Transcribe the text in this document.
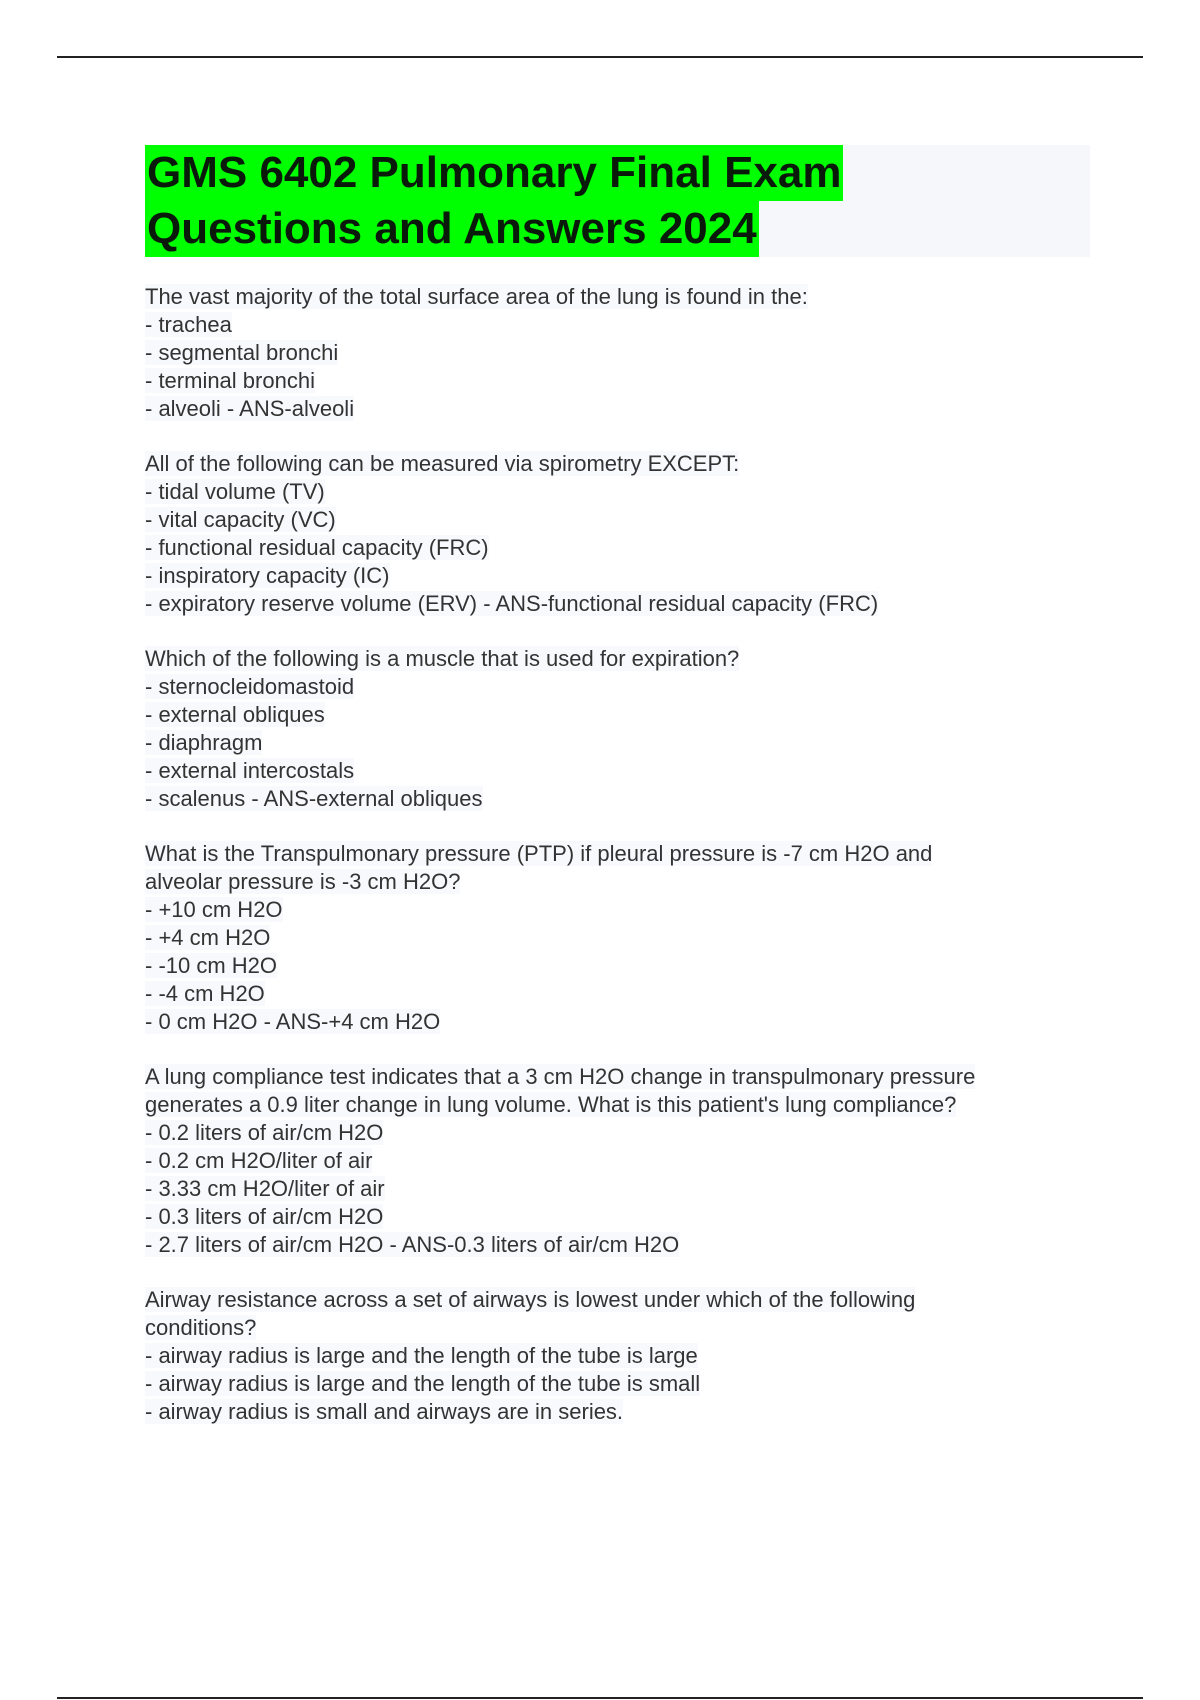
GMS 6402 Pulmonary Final Exam
Questions and Answers 2024
The vast majority of the total surface area of the lung is found in the:
- trachea
- segmental bronchi
- terminal bronchi
- alveoli - ANS-alveoli
All of the following can be measured via spirometry EXCEPT:
- tidal volume (TV)
- vital capacity (VC)
- functional residual capacity (FRC)
- inspiratory capacity (IC)
- expiratory reserve volume (ERV) - ANS-functional residual capacity (FRC)
Which of the following is a muscle that is used for expiration?
- sternocleidomastoid
- external obliques
- diaphragm
- external intercostals
- scalenus - ANS-external obliques
What is the Transpulmonary pressure (PTP) if pleural pressure is -7 cm H2O and
alveolar pressure is -3 cm H2O?
- +10 cm H2O
- +4 cm H2O
- -10 cm H2O
- -4 cm H2O
- 0 cm H2O - ANS-+4 cm H2O
A lung compliance test indicates that a 3 cm H2O change in transpulmonary pressure
generates a 0.9 liter change in lung volume. What is this patient's lung compliance?
- 0.2 liters of air/cm H2O
- 0.2 cm H2O/liter of air
- 3.33 cm H2O/liter of air
- 0.3 liters of air/cm H2O
- 2.7 liters of air/cm H2O - ANS-0.3 liters of air/cm H2O
Airway resistance across a set of airways is lowest under which of the following
conditions?
- airway radius is large and the length of the tube is large
- airway radius is large and the length of the tube is small
- airway radius is small and airways are in series.
